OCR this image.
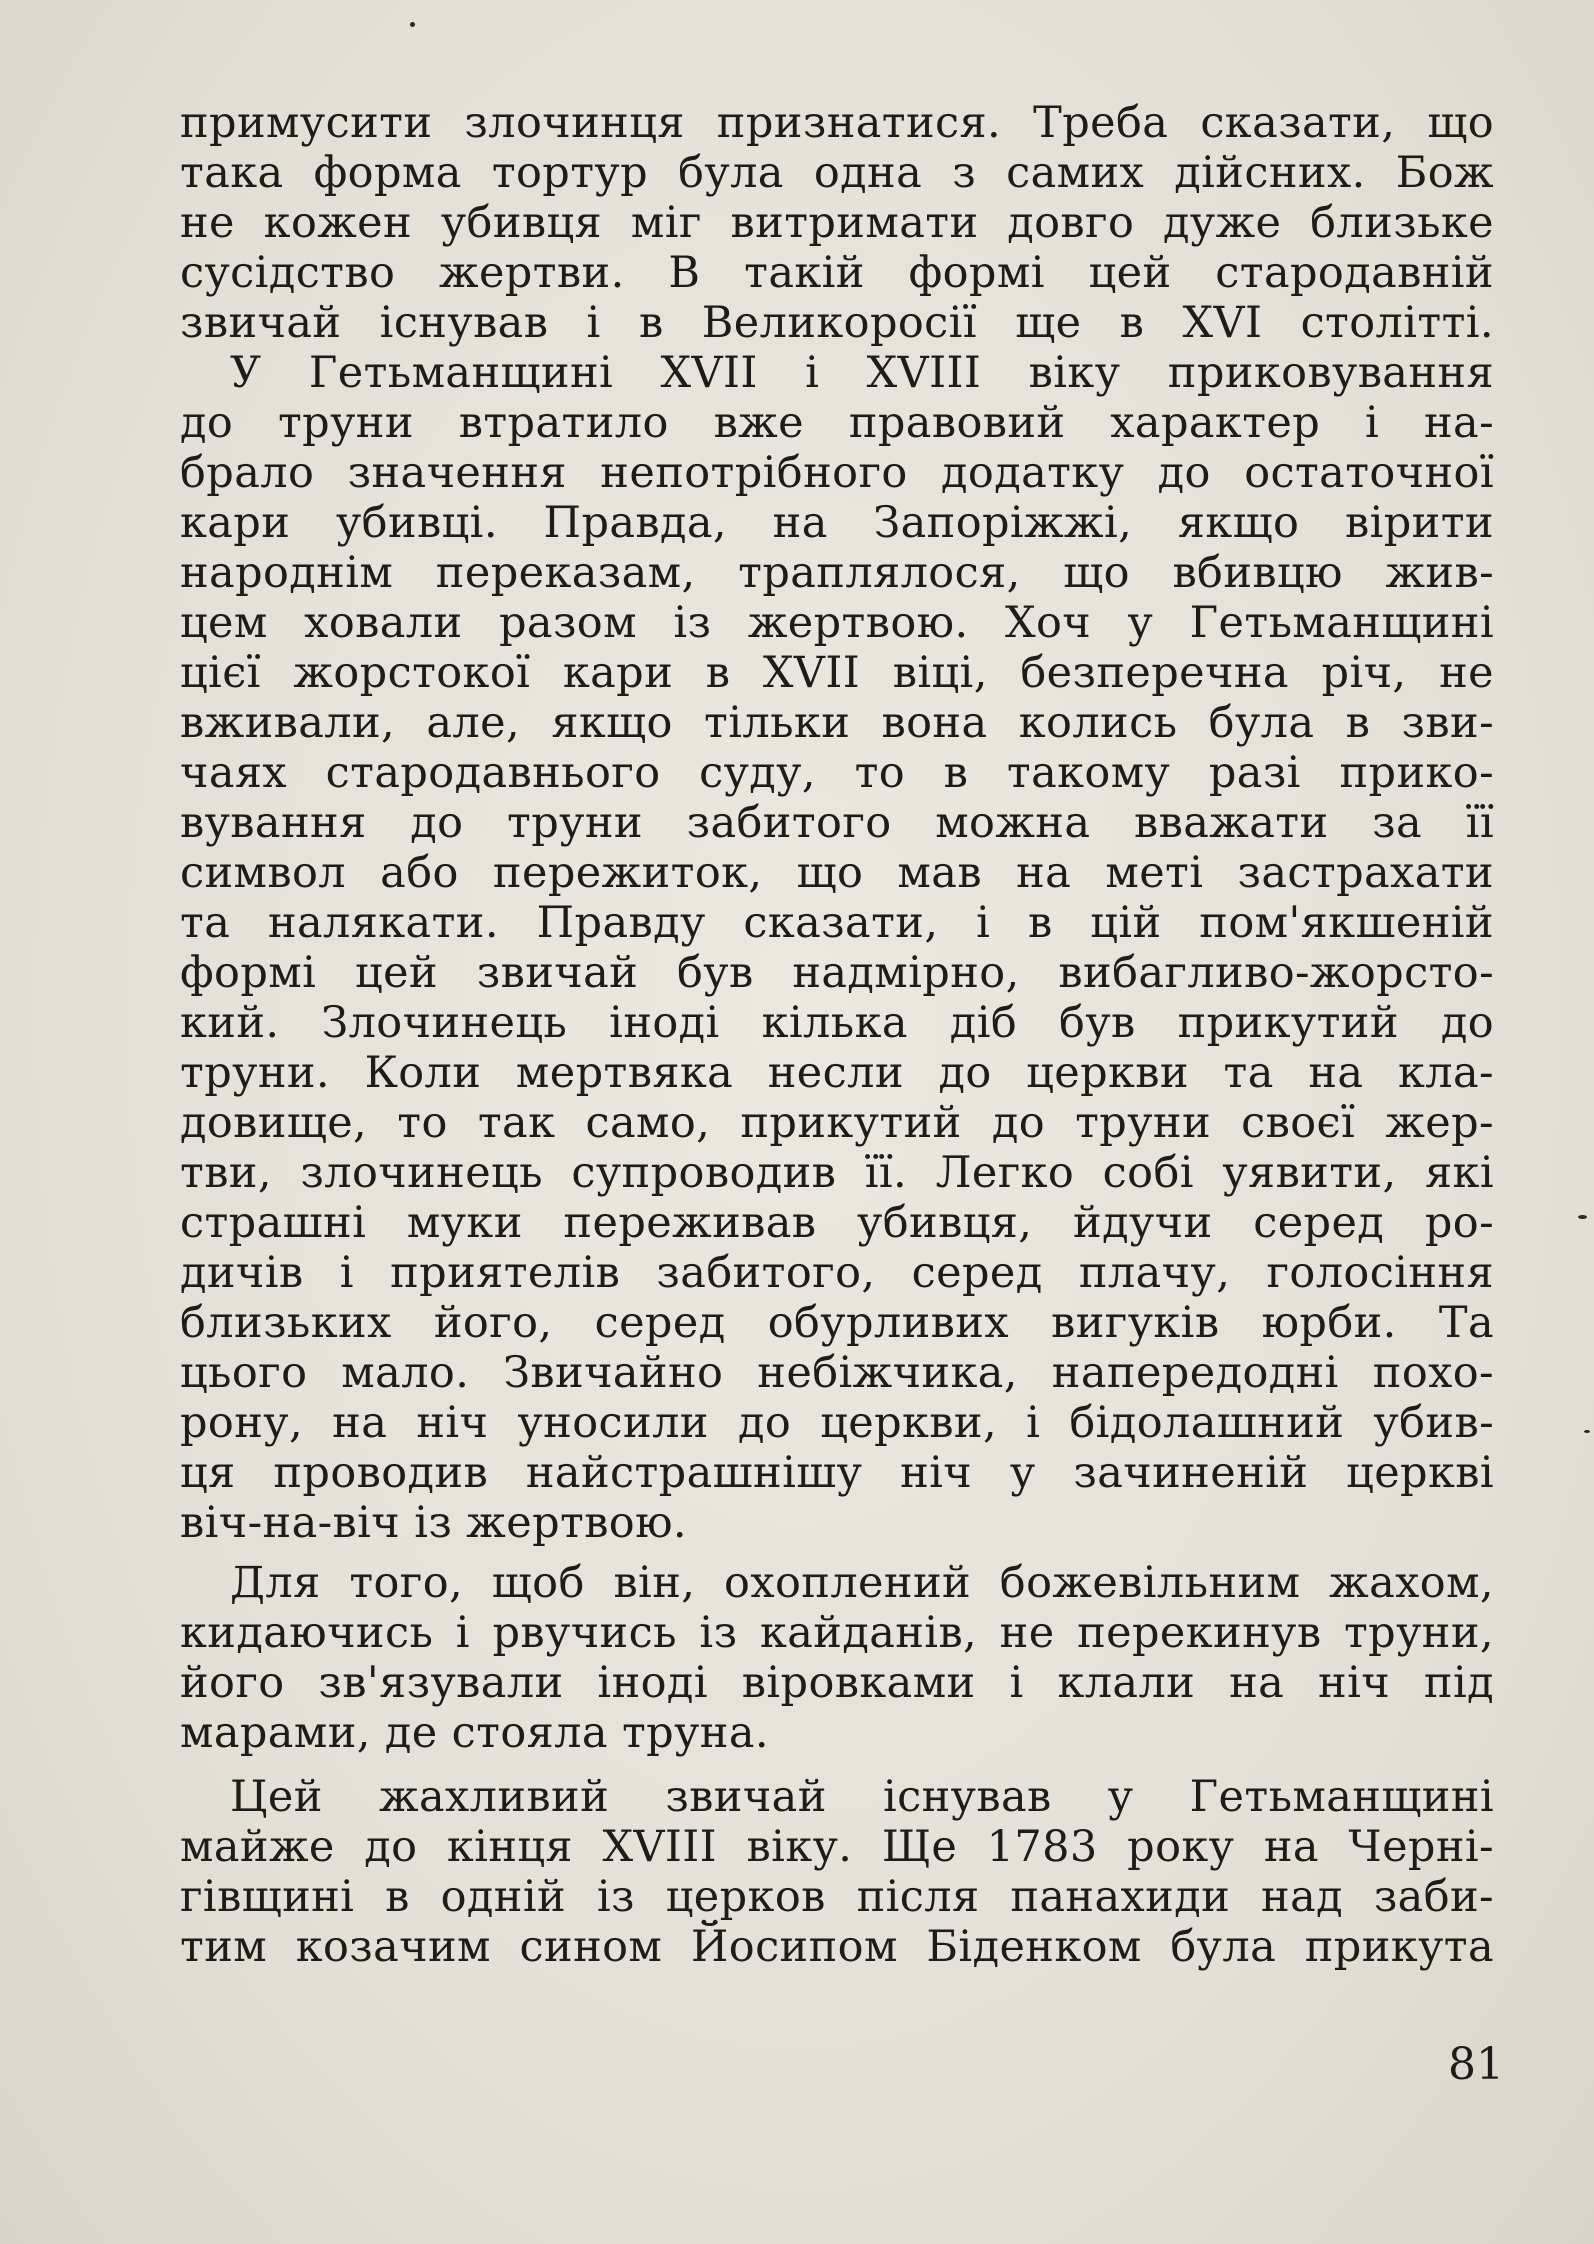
примусити злочинця признатися. Треба сказати, що
така форма тортур була одна з самих дійсних. Бож
не кожен убивця міг витримати довго дуже близьке
сусідство жертви. В такій формі цей стародавній
звичай існував і в Великоросії ще в XVI столітті.
У Гетьманщині XVII і XVIII віку приковування
до труни втратило вже правовий характер і на-
брало значення непотрібного додатку до остаточної
кари убивці. Правда, на Запоріжжі, якщо вірити
народнім переказам, траплялося, що вбивцю жив-
цем ховали разом із жертвою. Хоч у Гетьманщині
цієї жорстокої кари в XVII віці, безперечна річ, не
вживали, але, якщо тільки вона колись була в зви-
чаях стародавнього суду, то в такому разі прико-
вування до труни забитого можна вважати за її
символ або пережиток, що мав на меті застрахати
та налякати. Правду сказати, і в цій пом'якшеній
формі цей звичай був надмірно, вибагливо-жорсто-
кий. Злочинець іноді кілька діб був прикутий до
труни. Коли мертвяка несли до церкви та на кла-
довище, то так само, прикутий до труни своєї жер-
тви, злочинець супроводив її. Легко собі уявити, які
страшні муки переживав убивця, йдучи серед ро-
дичів і приятелів забитого, серед плачу, голосіння
близьких його, серед обурливих вигуків юрби. Та
цього мало. Звичайно небіжчика, напередодні похо-
рону, на ніч уносили до церкви, і бідолашний убив-
ця проводив найстрашнішу ніч у зачиненій церкві
віч-на-віч із жертвою.
Для того, щоб він, охоплений божевільним жахом,
кидаючись і рвучись із кайданів, не перекинув труни,
його зв'язували іноді віровками і клали на ніч під
марами, де стояла труна.
Цей жахливий звичай існував у Гетьманщині
майже до кінця XVIII віку. Ще 1783 року на Черні-
гівщині в одній із церков після панахиди над заби-
тим козачим сином Йосипом Біденком була прикута
81
